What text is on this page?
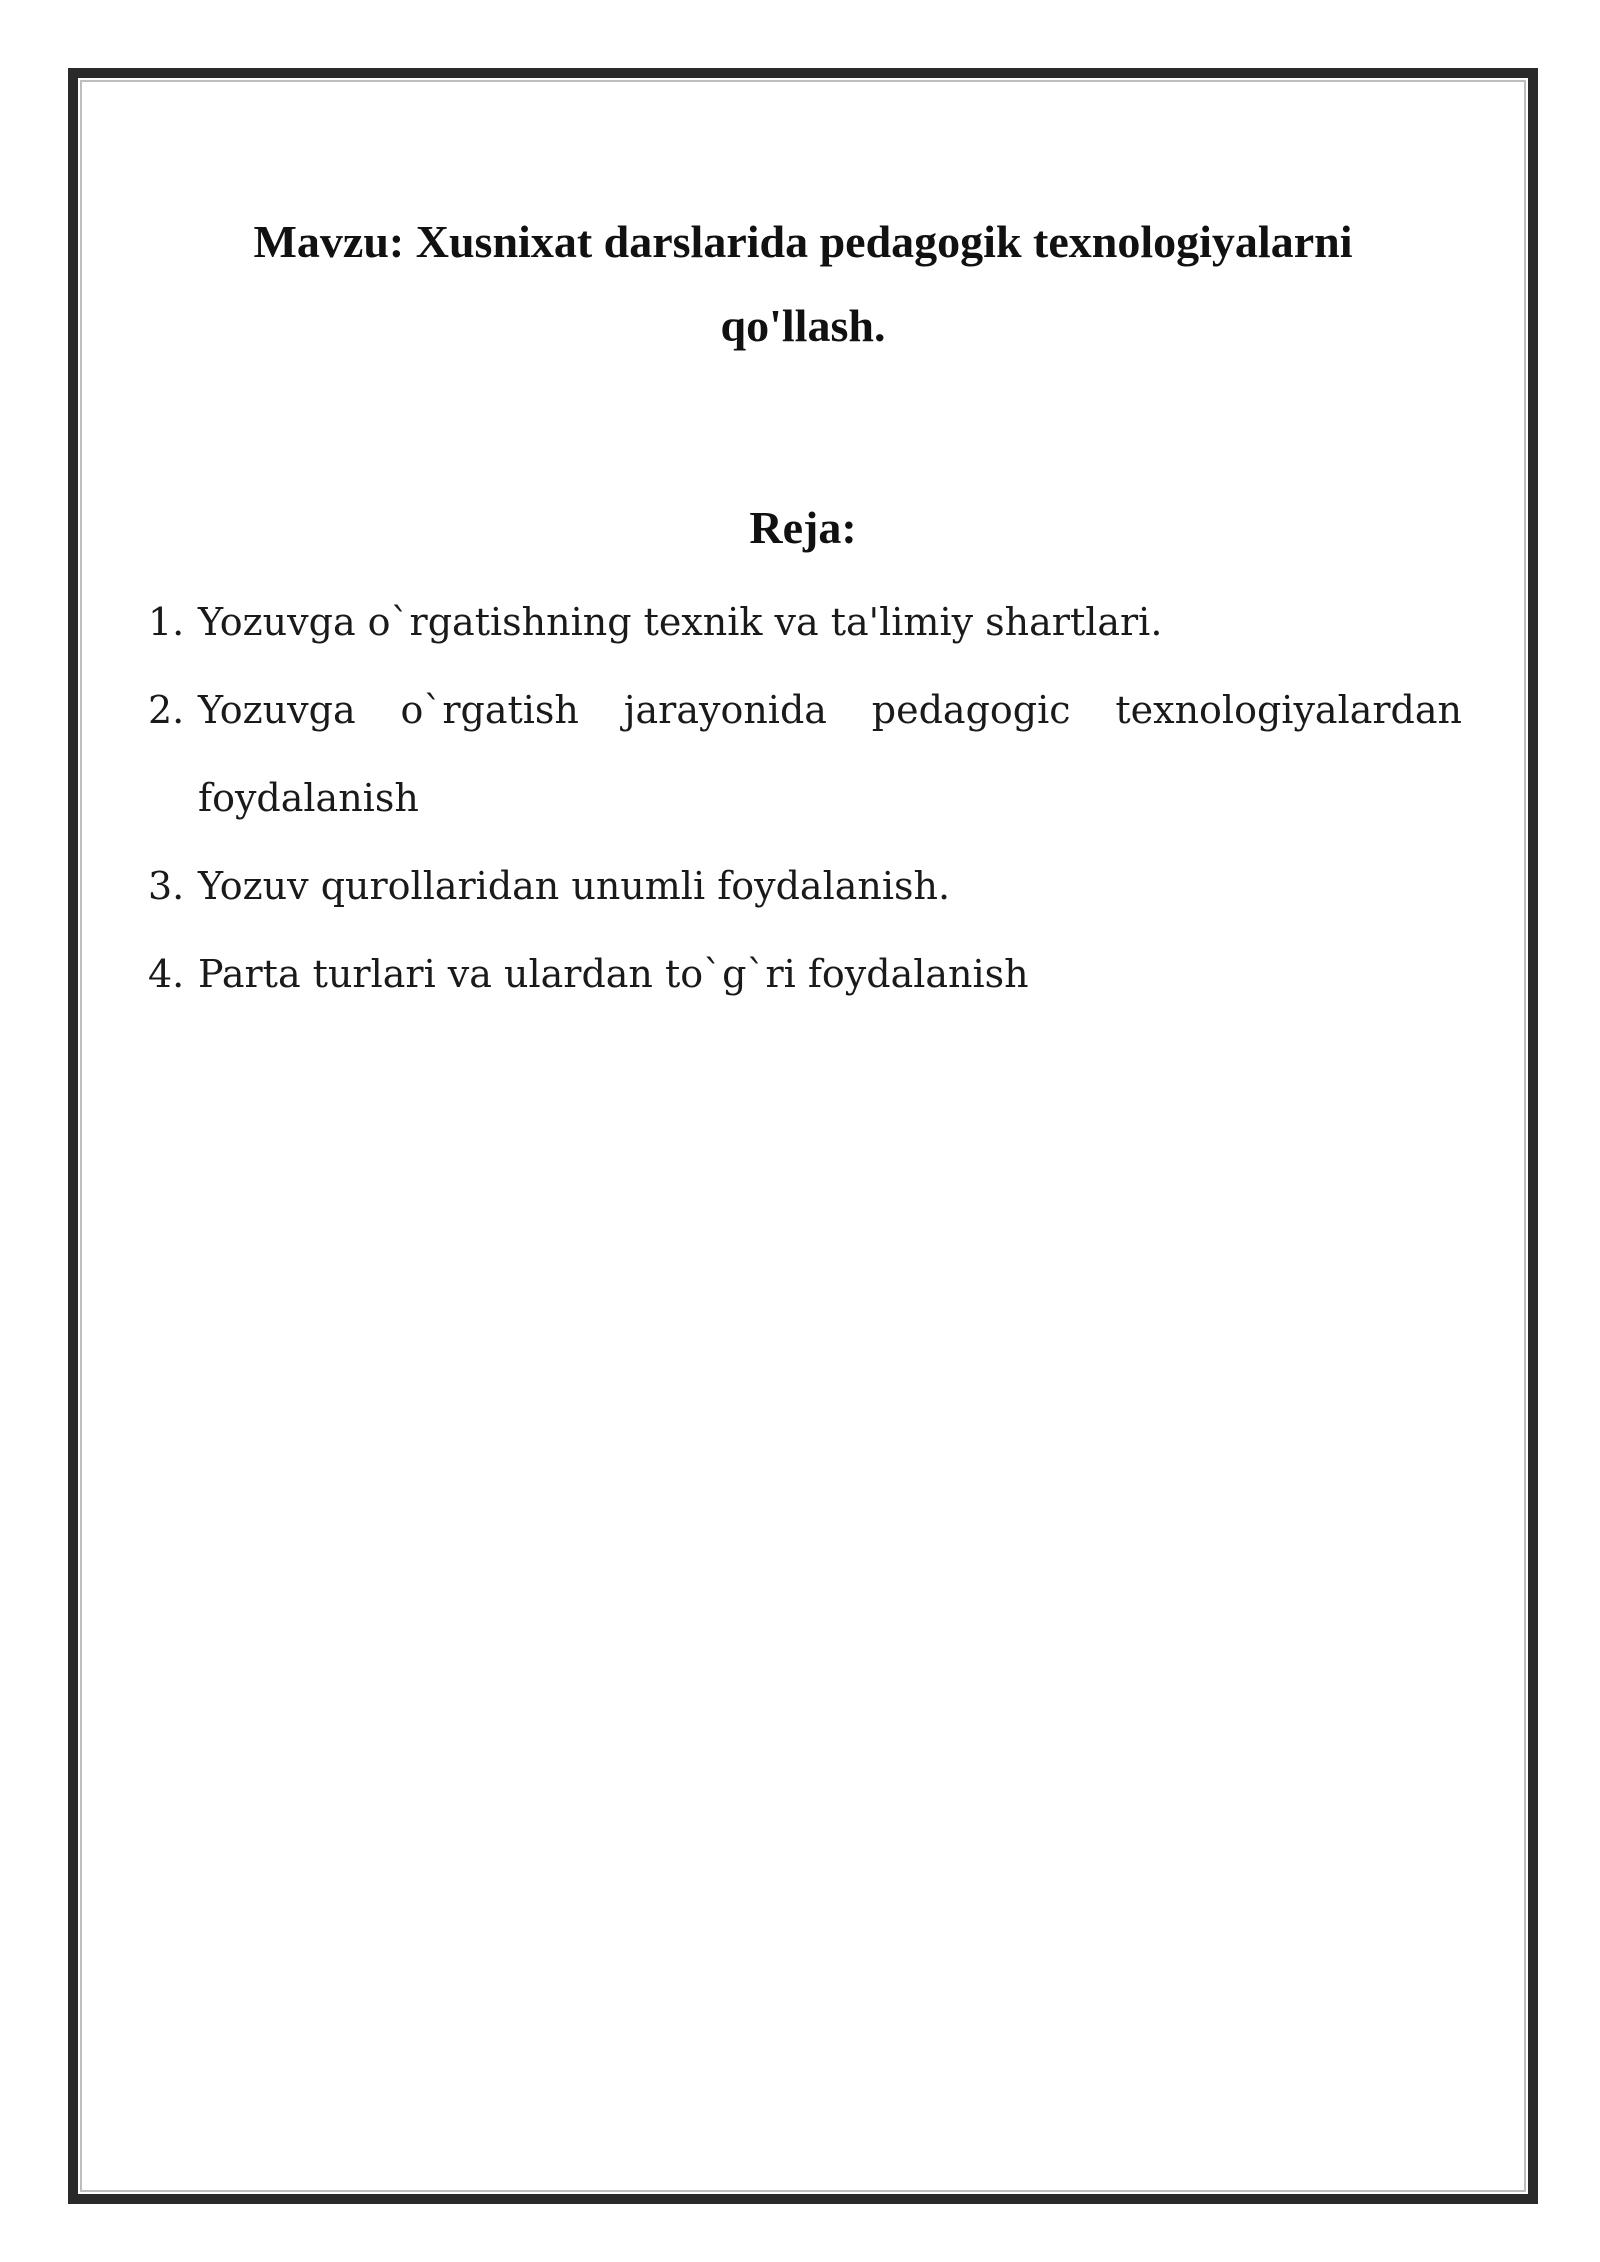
Mavzu: Xusnixat darslarida pedagogik texnologiyalarni
qo'llash.
Reja:
1. Yozuvga o`rgatishning texnik va ta'limiy shartlari.
2. Yozuvga o`rgatish jarayonida pedagogic texnologiyalardan
foydalanish
3. Yozuv qurollaridan unumli foydalanish.
4. Parta turlari va ulardan to`g`ri foydalanish
